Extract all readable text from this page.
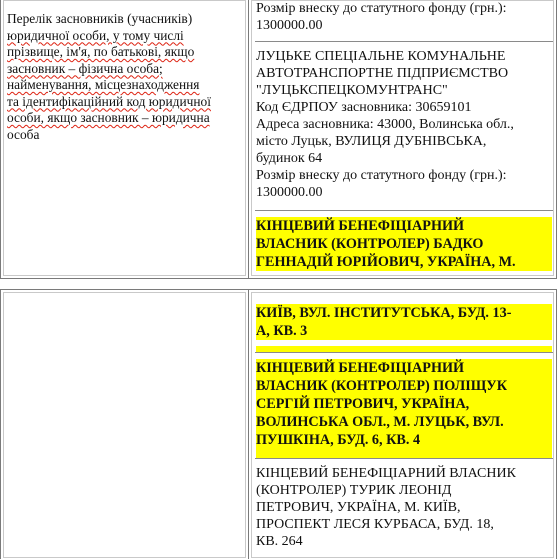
Перелік засновників (учасників)
юридичної особи, у тому числі
прізвище, ім'я, по батькові, якщо
засновник – фізична особа;
найменування, місцезнаходження
та ідентифікаційний код юридичної
особи, якщо засновник – юридична
особа
Розмір внеску до статутного фонду (грн.): 1300000.00
ЛУЦЬКЕ СПЕЦІАЛЬНЕ КОМУНАЛЬНЕ
АВТОТРАНСПОРТНЕ ПІДПРИЄМСТВО
"ЛУЦЬКСПЕЦКОМУНТРАНС"
Код ЄДРПОУ засновника: 30659101
Адреса засновника: 43000, Волинська обл.,
місто Луцьк, ВУЛИЦЯ ДУБНІВСЬКА,
будинок 64
Розмір внеску до статутного фонду (грн.):
1300000.00
КІНЦЕВИЙ БЕНЕФІЦІАРНИЙ
ВЛАСНИК (КОНТРОЛЕР) БАДКО
ГЕННАДІЙ ЮРІЙОВИЧ, УКРАЇНА, М.
КИЇВ, ВУЛ. ІНСТИТУТСЬКА, БУД. 13-
А, КВ. 3
КІНЦЕВИЙ БЕНЕФІЦІАРНИЙ
ВЛАСНИК (КОНТРОЛЕР) ПОЛІЩУК
СЕРГІЙ ПЕТРОВИЧ, УКРАЇНА,
ВОЛИНСЬКА ОБЛ., М. ЛУЦЬК, ВУЛ.
ПУШКІНА, БУД. 6, КВ. 4
КІНЦЕВИЙ БЕНЕФІЦІАРНИЙ ВЛАСНИК
(КОНТРОЛЕР) ТУРИК ЛЕОНІД
ПЕТРОВИЧ, УКРАЇНА, М. КИЇВ,
ПРОСПЕКТ ЛЕСЯ КУРБАСА, БУД. 18,
КВ. 264
